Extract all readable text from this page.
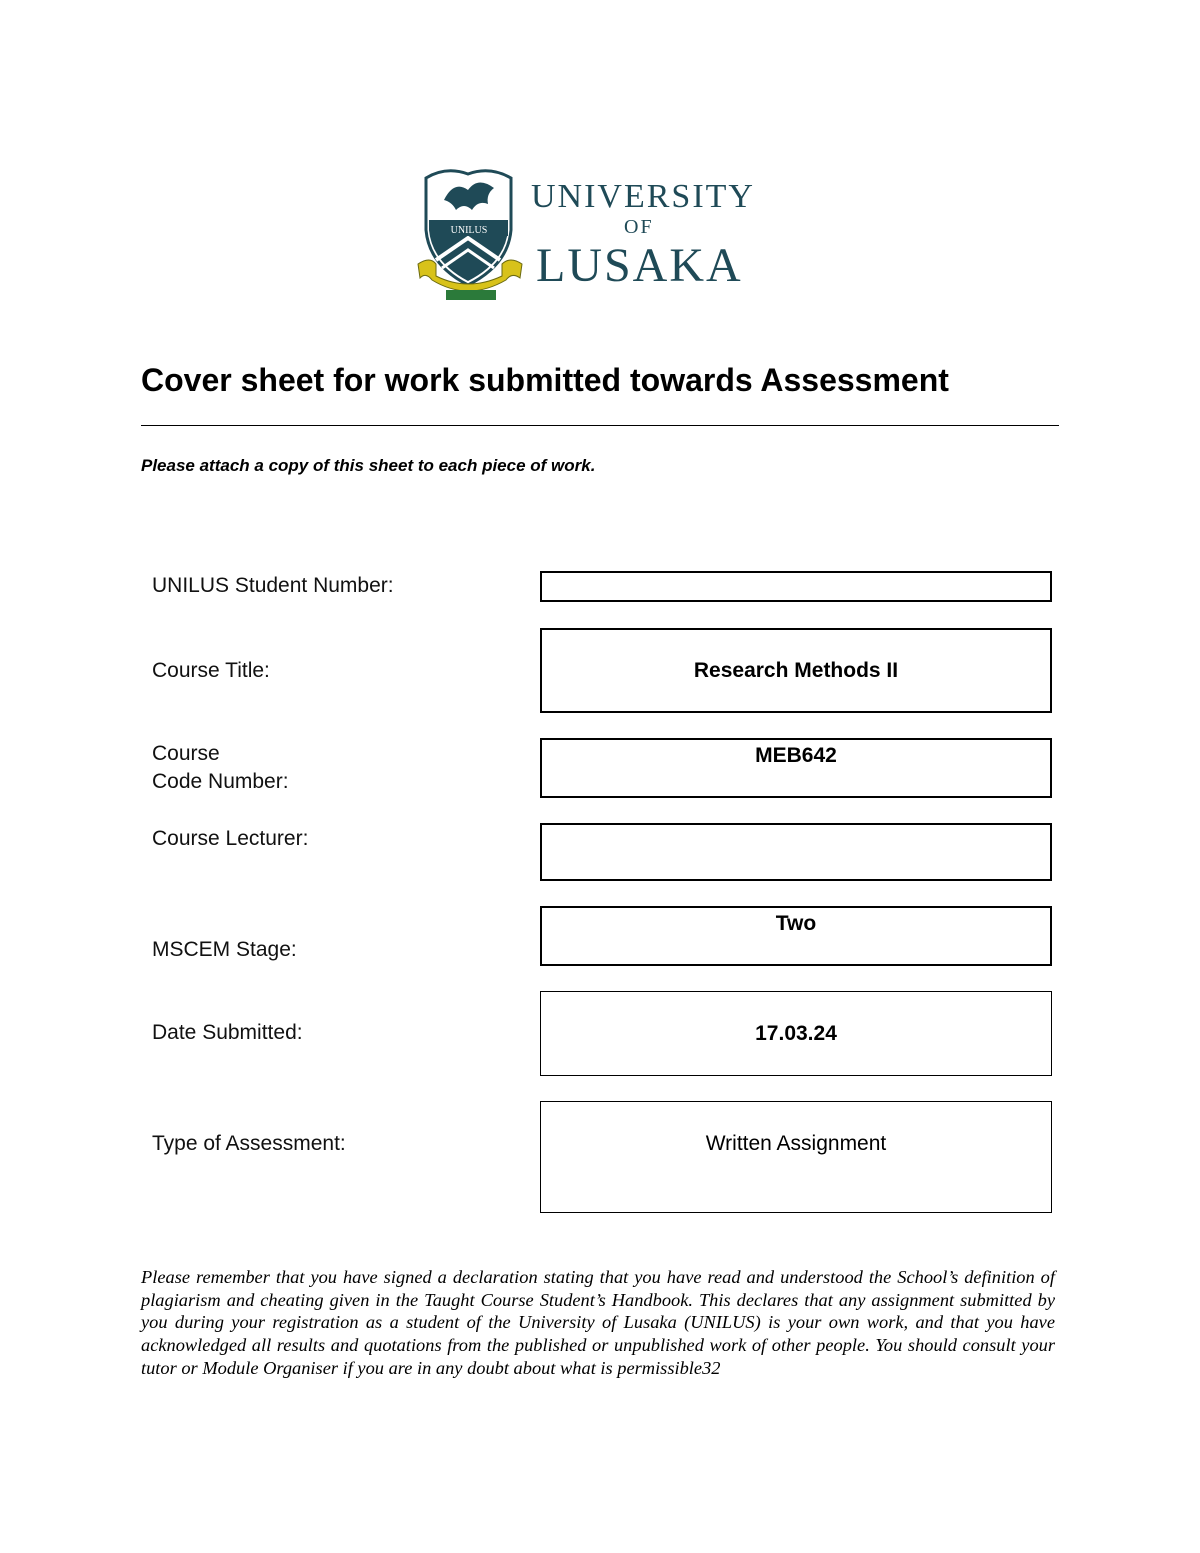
UNILUS
UNIVERSITY
OF
LUSAKA
Cover sheet for work submitted towards Assessment
Please attach a copy of this sheet to each piece of work.
UNILUS Student Number:
Course Title:	Research Methods II
Course
Code Number:
MEB642
Course Lecturer:
MSCEM Stage:
Two
Date Submitted:	17.03.24
Type of Assessment:	Written Assignment
Please remember that you have signed a declaration stating that you have read and understood the School’s definition of plagiarism and cheating given in the Taught Course Student’s Handbook. This declares that any assignment submitted by you during your registration as a student of the University of Lusaka (UNILUS) is your own work, and that you have acknowledged all results and quotations from the published or unpublished work of other people. You should consult your tutor or Module Organiser if you are in any doubt about what is permissible32
